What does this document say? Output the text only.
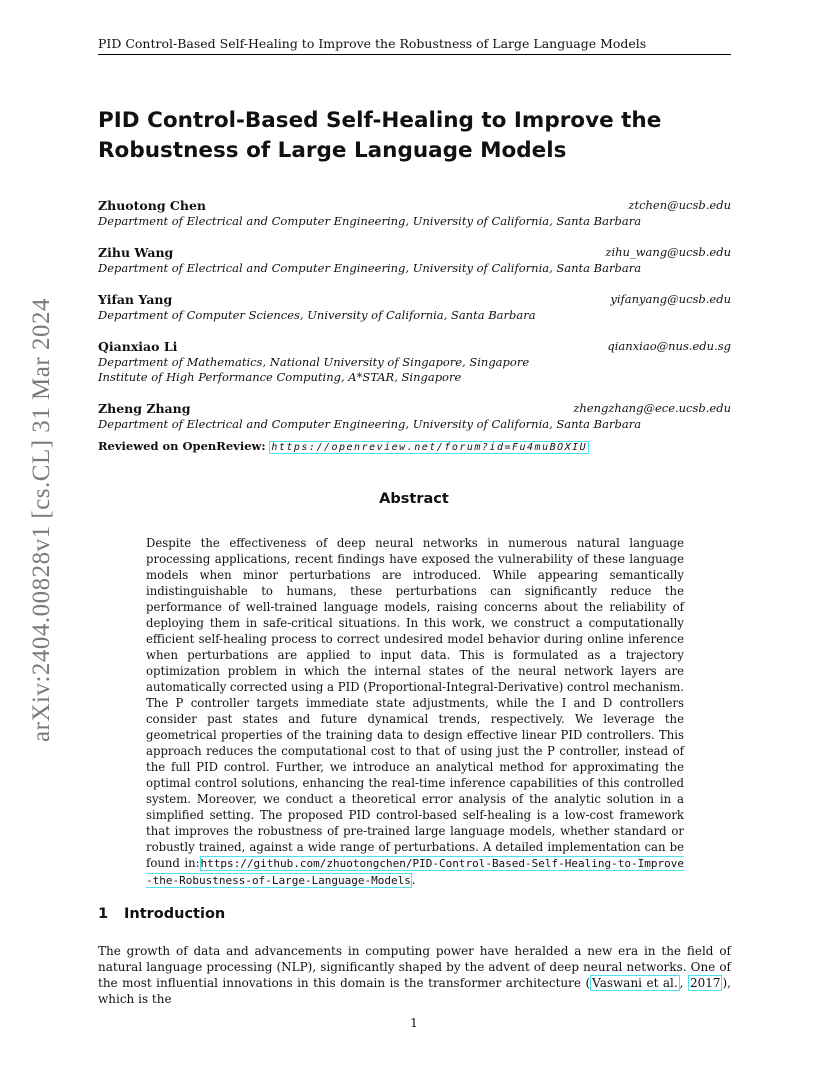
PID Control-Based Self-Healing to Improve the Robustness of Large Language Models
arXiv:2404.00828v1 [cs.CL] 31 Mar 2024
PID Control-Based Self-Healing to Improve the Robustness of Large Language Models
Zhuotong Chen	ztchen@ucsb.edu
Department of Electrical and Computer Engineering, University of California, Santa Barbara
Zihu Wang	zihu_wang@ucsb.edu
Department of Electrical and Computer Engineering, University of California, Santa Barbara
Yifan Yang	yifanyang@ucsb.edu
Department of Computer Sciences, University of California, Santa Barbara
Qianxiao Li	qianxiao@nus.edu.sg
Department of Mathematics, National University of Singapore, Singapore
Institute of High Performance Computing, A*STAR, Singapore
Zheng Zhang	zhengzhang@ece.ucsb.edu
Department of Electrical and Computer Engineering, University of California, Santa Barbara
Reviewed on OpenReview: https://openreview.net/forum?id=Fu4muBOXIU
Abstract
Despite the effectiveness of deep neural networks in numerous natural language processing applications, recent findings have exposed the vulnerability of these language models when minor perturbations are introduced. While appearing semantically indistinguishable to humans, these perturbations can significantly reduce the performance of well-trained language models, raising concerns about the reliability of deploying them in safe-critical situations. In this work, we construct a computationally efficient self-healing process to correct undesired model behavior during online inference when perturbations are applied to input data. This is formulated as a trajectory optimization problem in which the internal states of the neural network layers are automatically corrected using a PID (Proportional-Integral-Derivative) control mechanism. The P controller targets immediate state adjustments, while the I and D controllers consider past states and future dynamical trends, respectively. We leverage the geometrical properties of the training data to design effective linear PID controllers. This approach reduces the computational cost to that of using just the P controller, instead of the full PID control. Further, we introduce an analytical method for approximating the optimal control solutions, enhancing the real-time inference capabilities of this controlled system. Moreover, we conduct a theoretical error analysis of the analytic solution in a simplified setting. The proposed PID control-based self-healing is a low-cost framework that improves the robustness of pre-trained large language models, whether standard or robustly trained, against a wide range of perturbations. A detailed implementation can be found in:https://github.com/zhuotongchen/PID-Control-Based-Self-Healing-to-Improve-the-Robustness-of-Large-Language-Models.
1 Introduction
The growth of data and advancements in computing power have heralded a new era in the field of natural language processing (NLP), significantly shaped by the advent of deep neural networks. One of the most influential innovations in this domain is the transformer architecture ( Vaswani et al. , 2017 ), which is the
1
